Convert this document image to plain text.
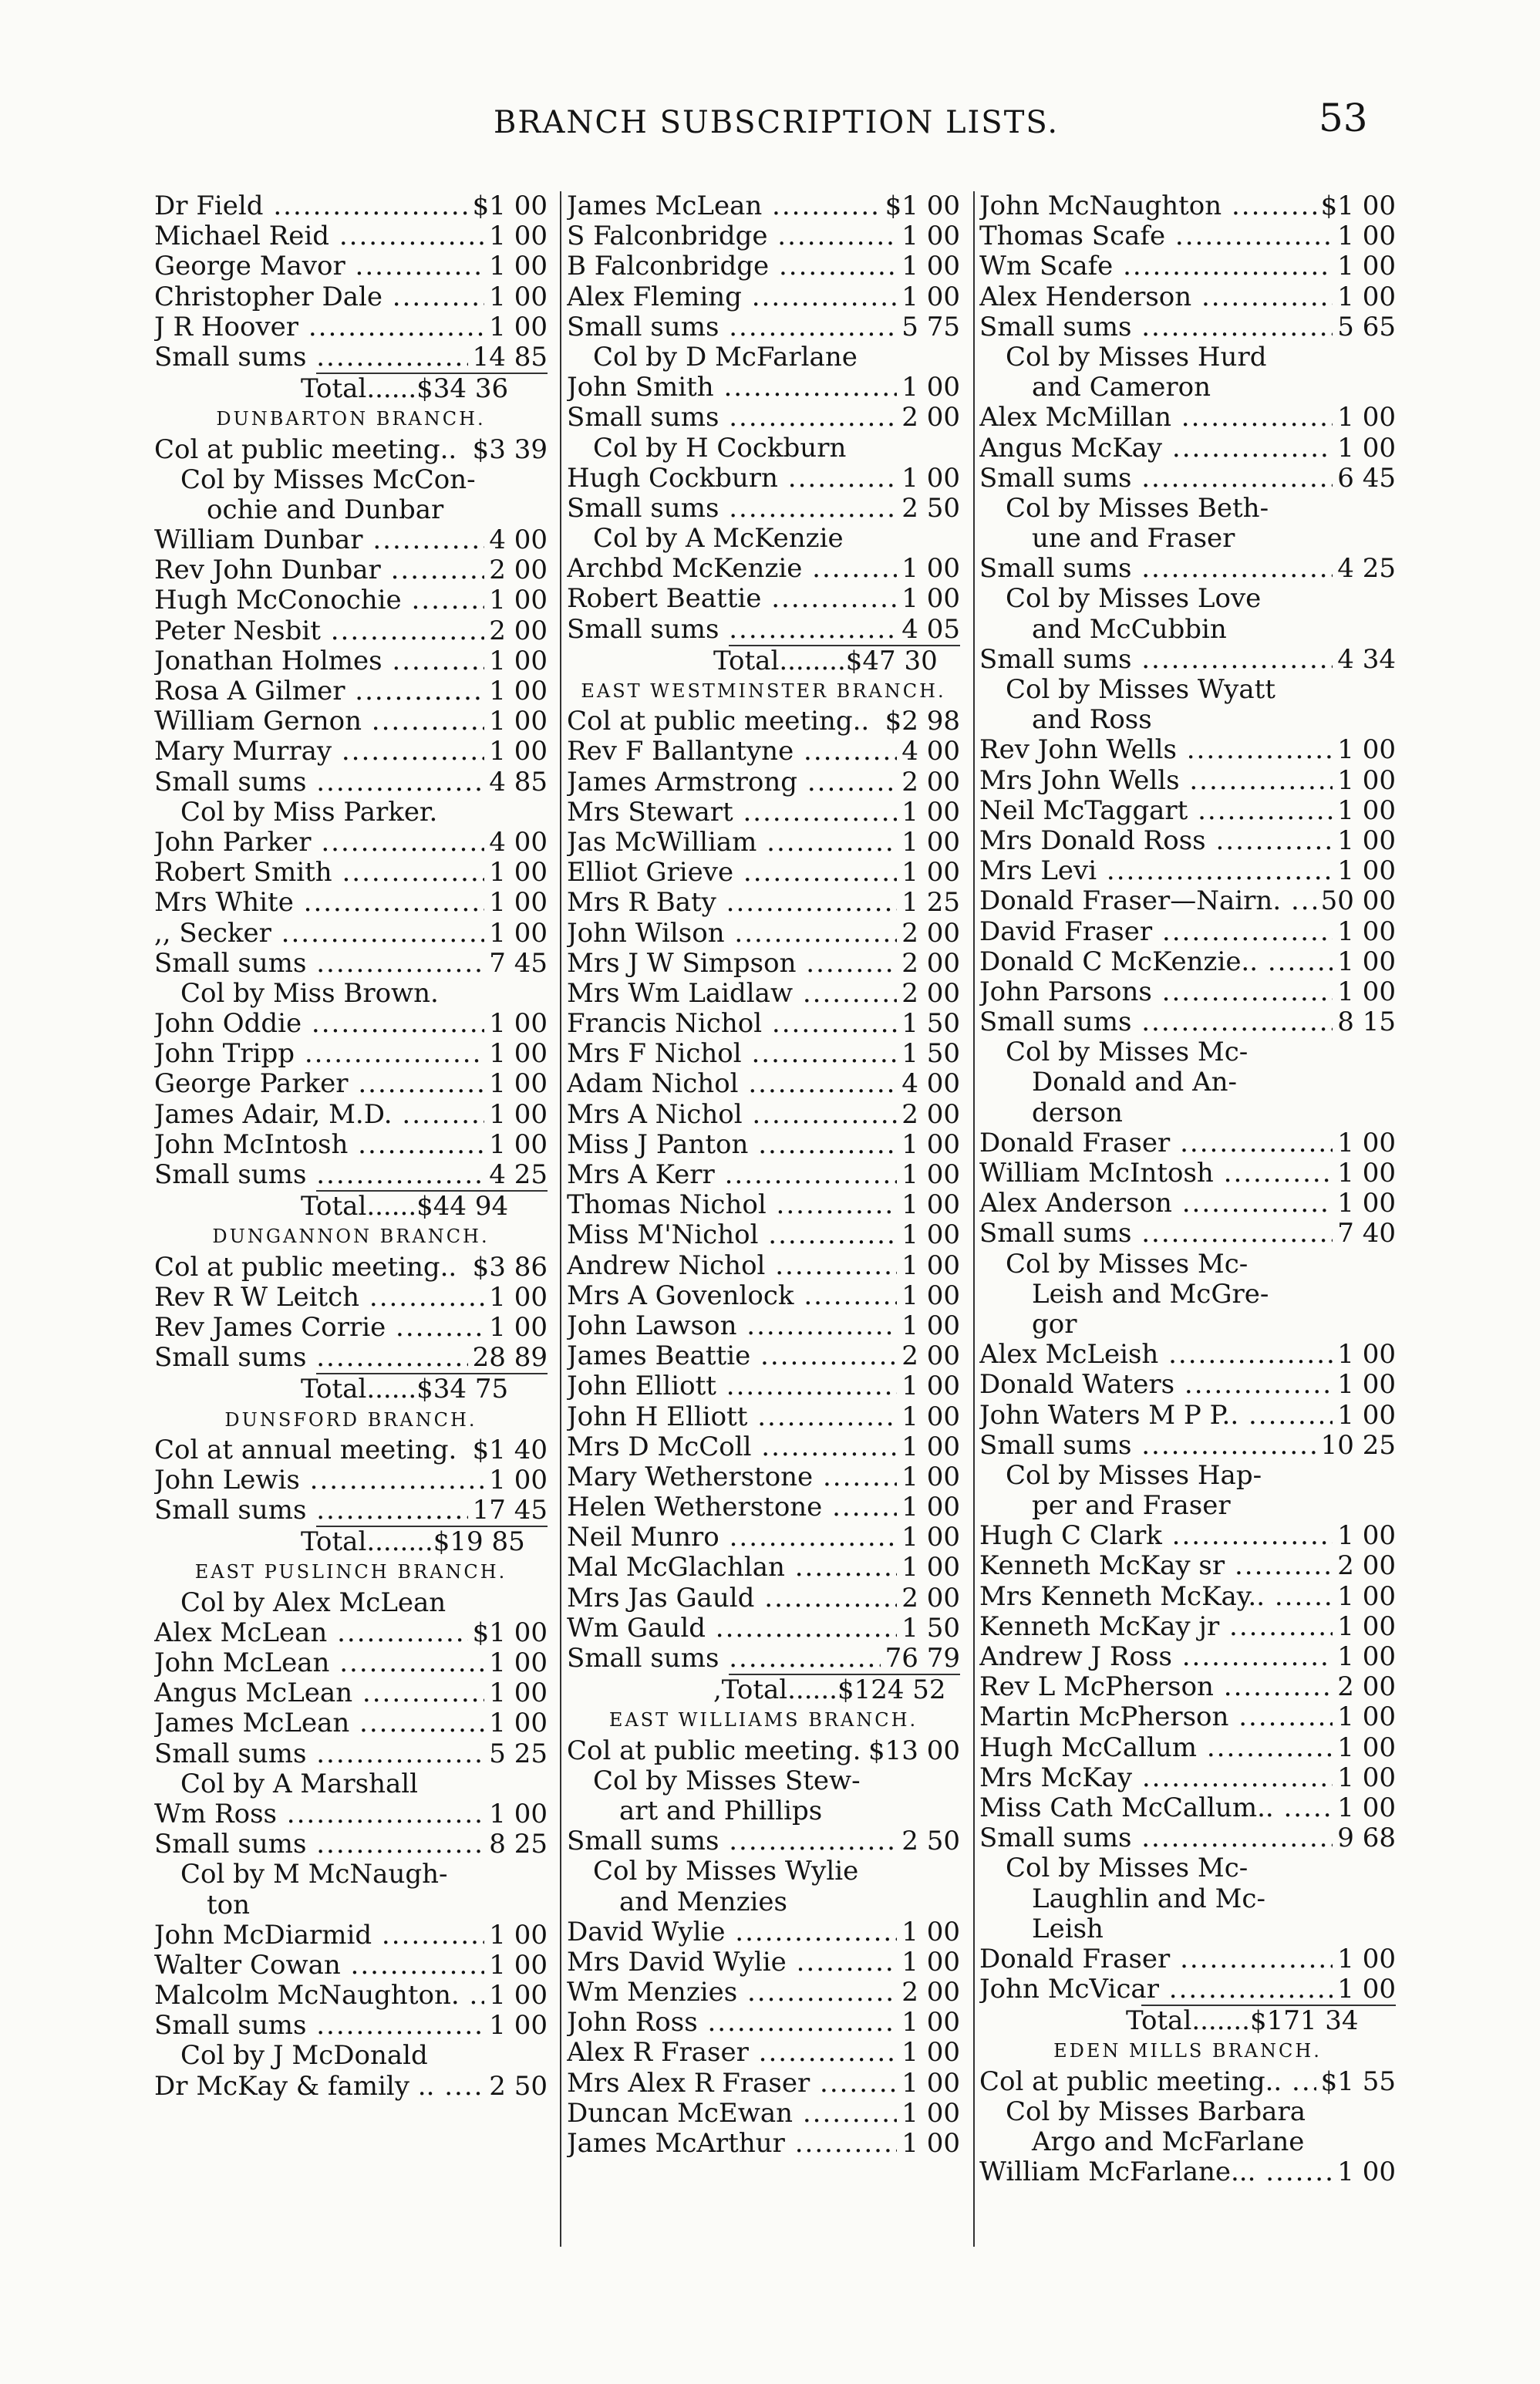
BRANCH SUBSCRIPTION LISTS.	53
Dr Field .....	$1 00
Michael Reid .....	1 00
George Mavor .....	1 00
Christopher Dale .....	1 00
J R Hoover .....	1 00
Small sums .....	14 85
Total......$34 36
DUNBARTON BRANCH.
Col at public meeting.. ..... $3 39
Col by Misses McCon-
ochie and Dunbar
William Dunbar .....	4 00
Rev John Dunbar .....	2 00
Hugh McConochie .....	1 00
Peter Nesbit .....	2 00
Jonathan Holmes .....	1 00
Rosa A Gilmer .....	1 00
William Gernon .....	1 00
Mary Murray .....	1 00
Small sums .....	4 85
Col by Miss Parker.
John Parker .....	4 00
Robert Smith .....	1 00
Mrs White .....	1 00
,, Secker .....	1 00
Small sums .....	7 45
Col by Miss Brown.
John Oddie .....	1 00
John Tripp .....	1 00
George Parker .....	1 00
James Adair, M.D. .....	1 00
John McIntosh .....	1 00
Small sums .....	4 25
Total......$44 94
DUNGANNON BRANCH.
Col at public meeting.. ..... $3 86
Rev R W Leitch .....	1 00
Rev James Corrie .....	1 00
Small sums .....	28 89
Total......$34 75
DUNSFORD BRANCH.
Col at annual meeting. ..... $1 40
John Lewis .....	1 00
Small sums .....	17 45
Total........$19 85
EAST PUSLINCH BRANCH.
Col by Alex McLean
Alex McLean .....	$1 00
John McLean .....	1 00
Angus McLean .....	1 00
James McLean .....	1 00
Small sums .....	5 25
Col by A Marshall
Wm Ross .....	1 00
Small sums .....	8 25
Col by M McNaugh-
ton
John McDiarmid .....	1 00
Walter Cowan .....	1 00
Malcolm McNaughton. .....	1 00
Small sums .....	1 00
Col by J McDonald
Dr McKay & family .. .....	2 50
James McLean .....	$1 00
S Falconbridge .....	1 00
B Falconbridge .....	1 00
Alex Fleming .....	1 00
Small sums .....	5 75
Col by D McFarlane
John Smith .....	1 00
Small sums .....	2 00
Col by H Cockburn
Hugh Cockburn .....	1 00
Small sums .....	2 50
Col by A McKenzie
Archbd McKenzie .....	1 00
Robert Beattie .....	1 00
Small sums .....	4 05
Total........$47 30
EAST WESTMINSTER BRANCH.
Col at public meeting.. ..... $2 98
Rev F Ballantyne .....	4 00
James Armstrong .....	2 00
Mrs Stewart .....	1 00
Jas McWilliam .....	1 00
Elliot Grieve .....	1 00
Mrs R Baty .....	1 25
John Wilson .....	2 00
Mrs J W Simpson .....	2 00
Mrs Wm Laidlaw .....	2 00
Francis Nichol .....	1 50
Mrs F Nichol .....	1 50
Adam Nichol .....	4 00
Mrs A Nichol .....	2 00
Miss J Panton .....	1 00
Mrs A Kerr .....	1 00
Thomas Nichol .....	1 00
Miss M'Nichol .....	1 00
Andrew Nichol .....	1 00
Mrs A Govenlock .....	1 00
John Lawson .....	1 00
James Beattie .....	2 00
John Elliott .....	1 00
John H Elliott .....	1 00
Mrs D McColl .....	1 00
Mary Wetherstone .....	1 00
Helen Wetherstone .....	1 00
Neil Munro .....	1 00
Mal McGlachlan .....	1 00
Mrs Jas Gauld .....	2 00
Wm Gauld .....	1 50
Small sums .....	76 79
,Total......$124 52
EAST WILLIAMS BRANCH.
Col at public meeting. ..... $13 00
Col by Misses Stew-
art and Phillips
Small sums .....	2 50
Col by Misses Wylie
and Menzies
David Wylie .....	1 00
Mrs David Wylie .....	1 00
Wm Menzies .....	2 00
John Ross .....	1 00
Alex R Fraser .....	1 00
Mrs Alex R Fraser .....	1 00
Duncan McEwan .....	1 00
James McArthur .....	1 00
John McNaughton .....	$1 00
Thomas Scafe .....	1 00
Wm Scafe .....	1 00
Alex Henderson .....	1 00
Small sums .....	5 65
Col by Misses Hurd
and Cameron
Alex McMillan .....	1 00
Angus McKay .....	1 00
Small sums .....	6 45
Col by Misses Beth-
une and Fraser
Small sums .....	4 25
Col by Misses Love
and McCubbin
Small sums .....	4 34
Col by Misses Wyatt
and Ross
Rev John Wells .....	1 00
Mrs John Wells .....	1 00
Neil McTaggart .....	1 00
Mrs Donald Ross .....	1 00
Mrs Levi .....	1 00
Donald Fraser—Nairn. .....	50 00
David Fraser .....	1 00
Donald C McKenzie.. .....	1 00
John Parsons .....	1 00
Small sums .....	8 15
Col by Misses Mc-
Donald and An-
derson
Donald Fraser .....	1 00
William McIntosh .....	1 00
Alex Anderson .....	1 00
Small sums .....	7 40
Col by Misses Mc-
Leish and McGre-
gor
Alex McLeish .....	1 00
Donald Waters .....	1 00
John Waters M P P.. .....	1 00
Small sums .....	10 25
Col by Misses Hap-
per and Fraser
Hugh C Clark .....	1 00
Kenneth McKay sr .....	2 00
Mrs Kenneth McKay.. .....	1 00
Kenneth McKay jr .....	1 00
Andrew J Ross .....	1 00
Rev L McPherson .....	2 00
Martin McPherson .....	1 00
Hugh McCallum .....	1 00
Mrs McKay .....	1 00
Miss Cath McCallum.. .....	1 00
Small sums .....	9 68
Col by Misses Mc-
Laughlin and Mc-
Leish
Donald Fraser .....	1 00
John McVicar .....	1 00
Total.......$171 34
EDEN MILLS BRANCH.
Col at public meeting.. .....	$1 55
Col by Misses Barbara
Argo and McFarlane
William McFarlane... .....	1 00
